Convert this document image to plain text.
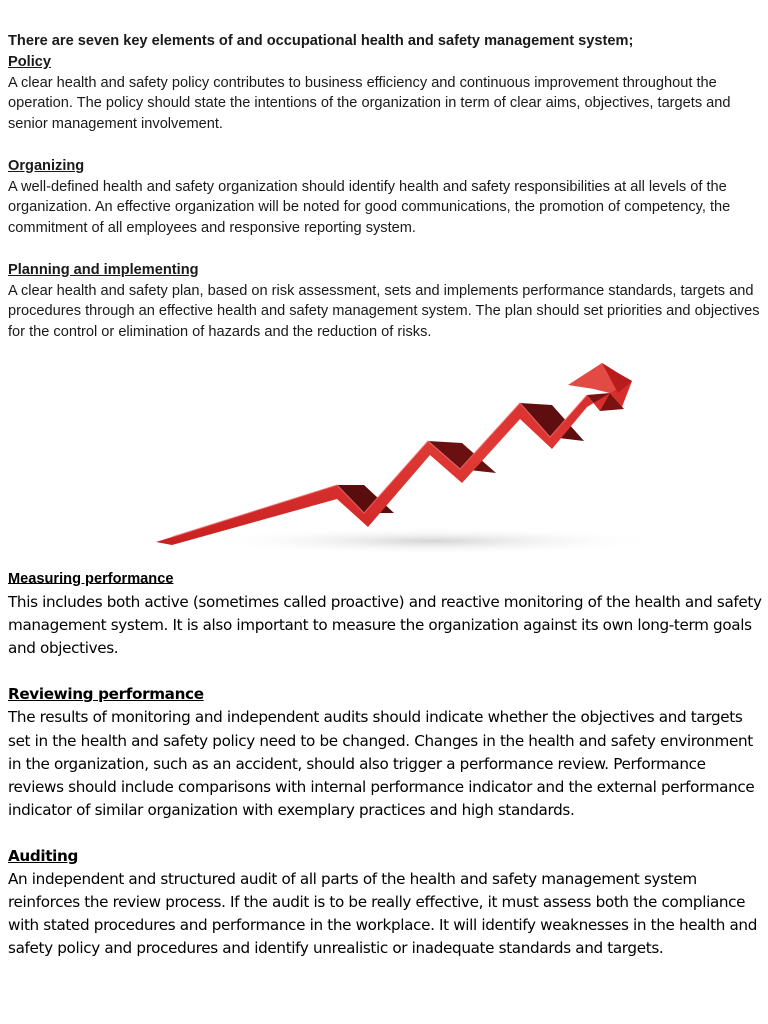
There are seven key elements of and occupational health and safety management system;

Policy

A clear health and safety policy contributes to business efficiency and continuous improvement throughout the operation. The policy should state the intentions of the organization in term of clear aims, objectives, targets and senior management involvement.

Organizing

A well-defined health and safety organization should identify health and safety responsibilities at all levels of the organization. An effective organization will be noted for good communications, the promotion of competency, the commitment of all employees and responsive reporting system.

Planning and implementing

A clear health and safety plan, based on risk assessment, sets and implements performance standards, targets and procedures through an effective health and safety management system. The plan should set priorities and objectives for the control or elimination of hazards and the reduction of risks.

Measuring performance

This includes both active (sometimes called proactive) and reactive monitoring of the health and safety management system. It is also important to measure the organization against its own long-term goals and objectives.

Reviewing performance

The results of monitoring and independent audits should indicate whether the objectives and targets set in the health and safety policy need to be changed. Changes in the health and safety environment in the organization, such as an accident, should also trigger a performance review. Performance reviews should include comparisons with internal performance indicator and the external performance indicator of similar organization with exemplary practices and high standards.

Auditing

An independent and structured audit of all parts of the health and safety management system reinforces the review process. If the audit is to be really effective, it must assess both the compliance with stated procedures and performance in the workplace. It will identify weaknesses in the health and safety policy and procedures and identify unrealistic or inadequate standards and targets.
